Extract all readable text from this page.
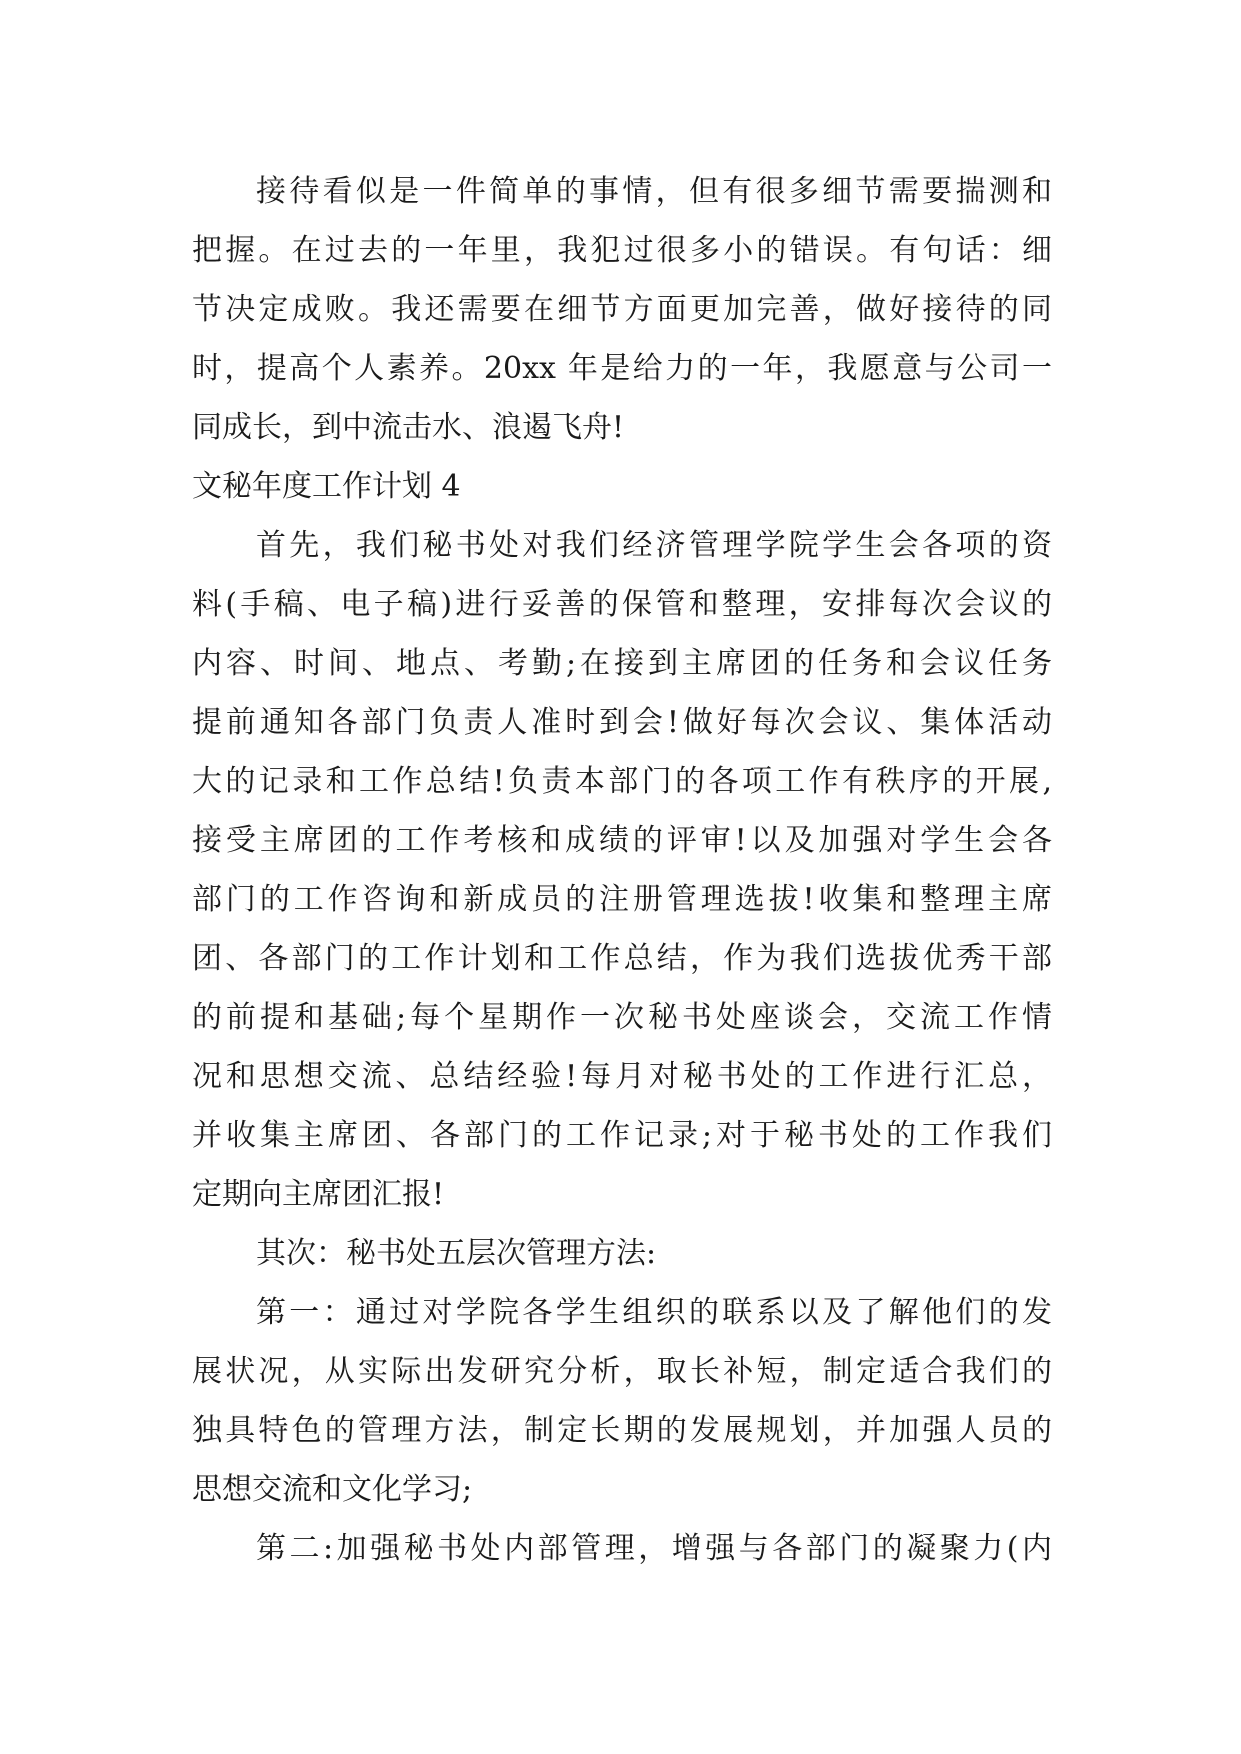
接待看似是一件简单的事情，但有很多细节需要揣测和
把握。在过去的一年里，我犯过很多小的错误。有句话：细
节决定成败。我还需要在细节方面更加完善，做好接待的同
时，提高个人素养。20xx 年是给力的一年，我愿意与公司一
同成长，到中流击水、浪遏飞舟!
文秘年度工作计划 4
首先，我们秘书处对我们经济管理学院学生会各项的资
料(手稿、电子稿)进行妥善的保管和整理，安排每次会议的
内容、时间、地点、考勤;在接到主席团的任务和会议任务
提前通知各部门负责人准时到会!做好每次会议、集体活动
大的记录和工作总结!负责本部门的各项工作有秩序的开展,
接受主席团的工作考核和成绩的评审!以及加强对学生会各
部门的工作咨询和新成员的注册管理选拔!收集和整理主席
团、各部门的工作计划和工作总结，作为我们选拔优秀干部
的前提和基础;每个星期作一次秘书处座谈会，交流工作情
况和思想交流、总结经验!每月对秘书处的工作进行汇总，
并收集主席团、各部门的工作记录;对于秘书处的工作我们
定期向主席团汇报!
其次：秘书处五层次管理方法:
第一：通过对学院各学生组织的联系以及了解他们的发
展状况，从实际出发研究分析，取长补短，制定适合我们的
独具特色的管理方法，制定长期的发展规划，并加强人员的
思想交流和文化学习;
第二:加强秘书处内部管理，增强与各部门的凝聚力(内
